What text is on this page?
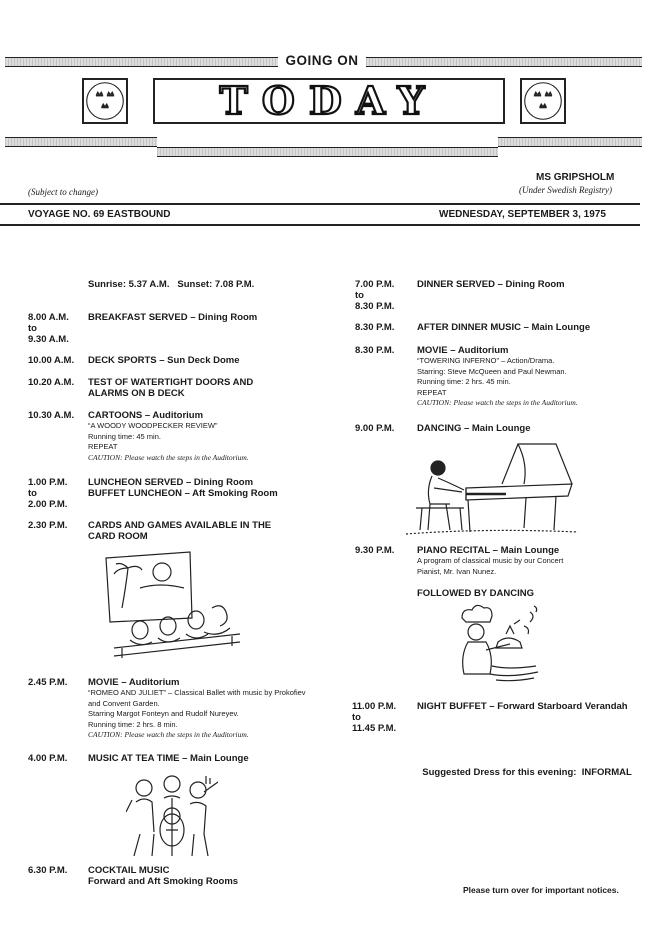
GOING ON
TODAY
MS GRIPSHOLM
(Subject to change)	(Under Swedish Registry)
VOYAGE NO. 69 EASTBOUND	WEDNESDAY, SEPTEMBER 3, 1975
Sunrise: 5.37 A.M.   Sunset: 7.08 P.M.
8.00 A.M.
to
9.30 A.M.
BREAKFAST SERVED – Dining Room
10.00 A.M. DECK SPORTS – Sun Deck Dome
10.20 A.M. TEST OF WATERTIGHT DOORS AND ALARMS ON B DECK
10.30 A.M. CARTOONS – Auditorium
“A WOODY WOODPECKER REVIEW”
Running time: 45 min.
REPEAT
CAUTION: Please watch the steps in the Auditorium.
1.00 P.M.
to
2.00 P.M.
LUNCHEON SERVED – Dining Room
BUFFET LUNCHEON – Aft Smoking Room
2.30 P.M. CARDS AND GAMES AVAILABLE IN THE CARD ROOM
2.45 P.M. MOVIE – Auditorium
“ROMEO AND JULIET” – Classical Ballet with music by Prokofiev and Convent Garden.
Starring Margot Fonteyn and Rudolf Nureyev.
Running time: 2 hrs. 8 min.
CAUTION: Please watch the steps in the Auditorium.
4.00 P.M. MUSIC AT TEA TIME – Main Lounge
6.30 P.M. COCKTAIL MUSIC
Forward and Aft Smoking Rooms
7.00 P.M.
to
8.30 P.M.
DINNER SERVED – Dining Room
8.30 P.M. AFTER DINNER MUSIC – Main Lounge
8.30 P.M. MOVIE – Auditorium
“TOWERING INFERNO” – Action/Drama.
Starring: Steve McQueen and Paul Newman.
Running time: 2 hrs. 45 min.
REPEAT
CAUTION: Please watch the steps in the Auditorium.
9.00 P.M. DANCING – Main Lounge
9.30 P.M. PIANO RECITAL – Main Lounge
A program of classical music by our Concert
Pianist, Mr. Ivan Nunez.
FOLLOWED BY DANCING
11.00 P.M.
to
11.45 P.M.
NIGHT BUFFET – Forward Starboard Verandah

Suggested Dress for this evening:  INFORMAL

Please turn over for important notices.
